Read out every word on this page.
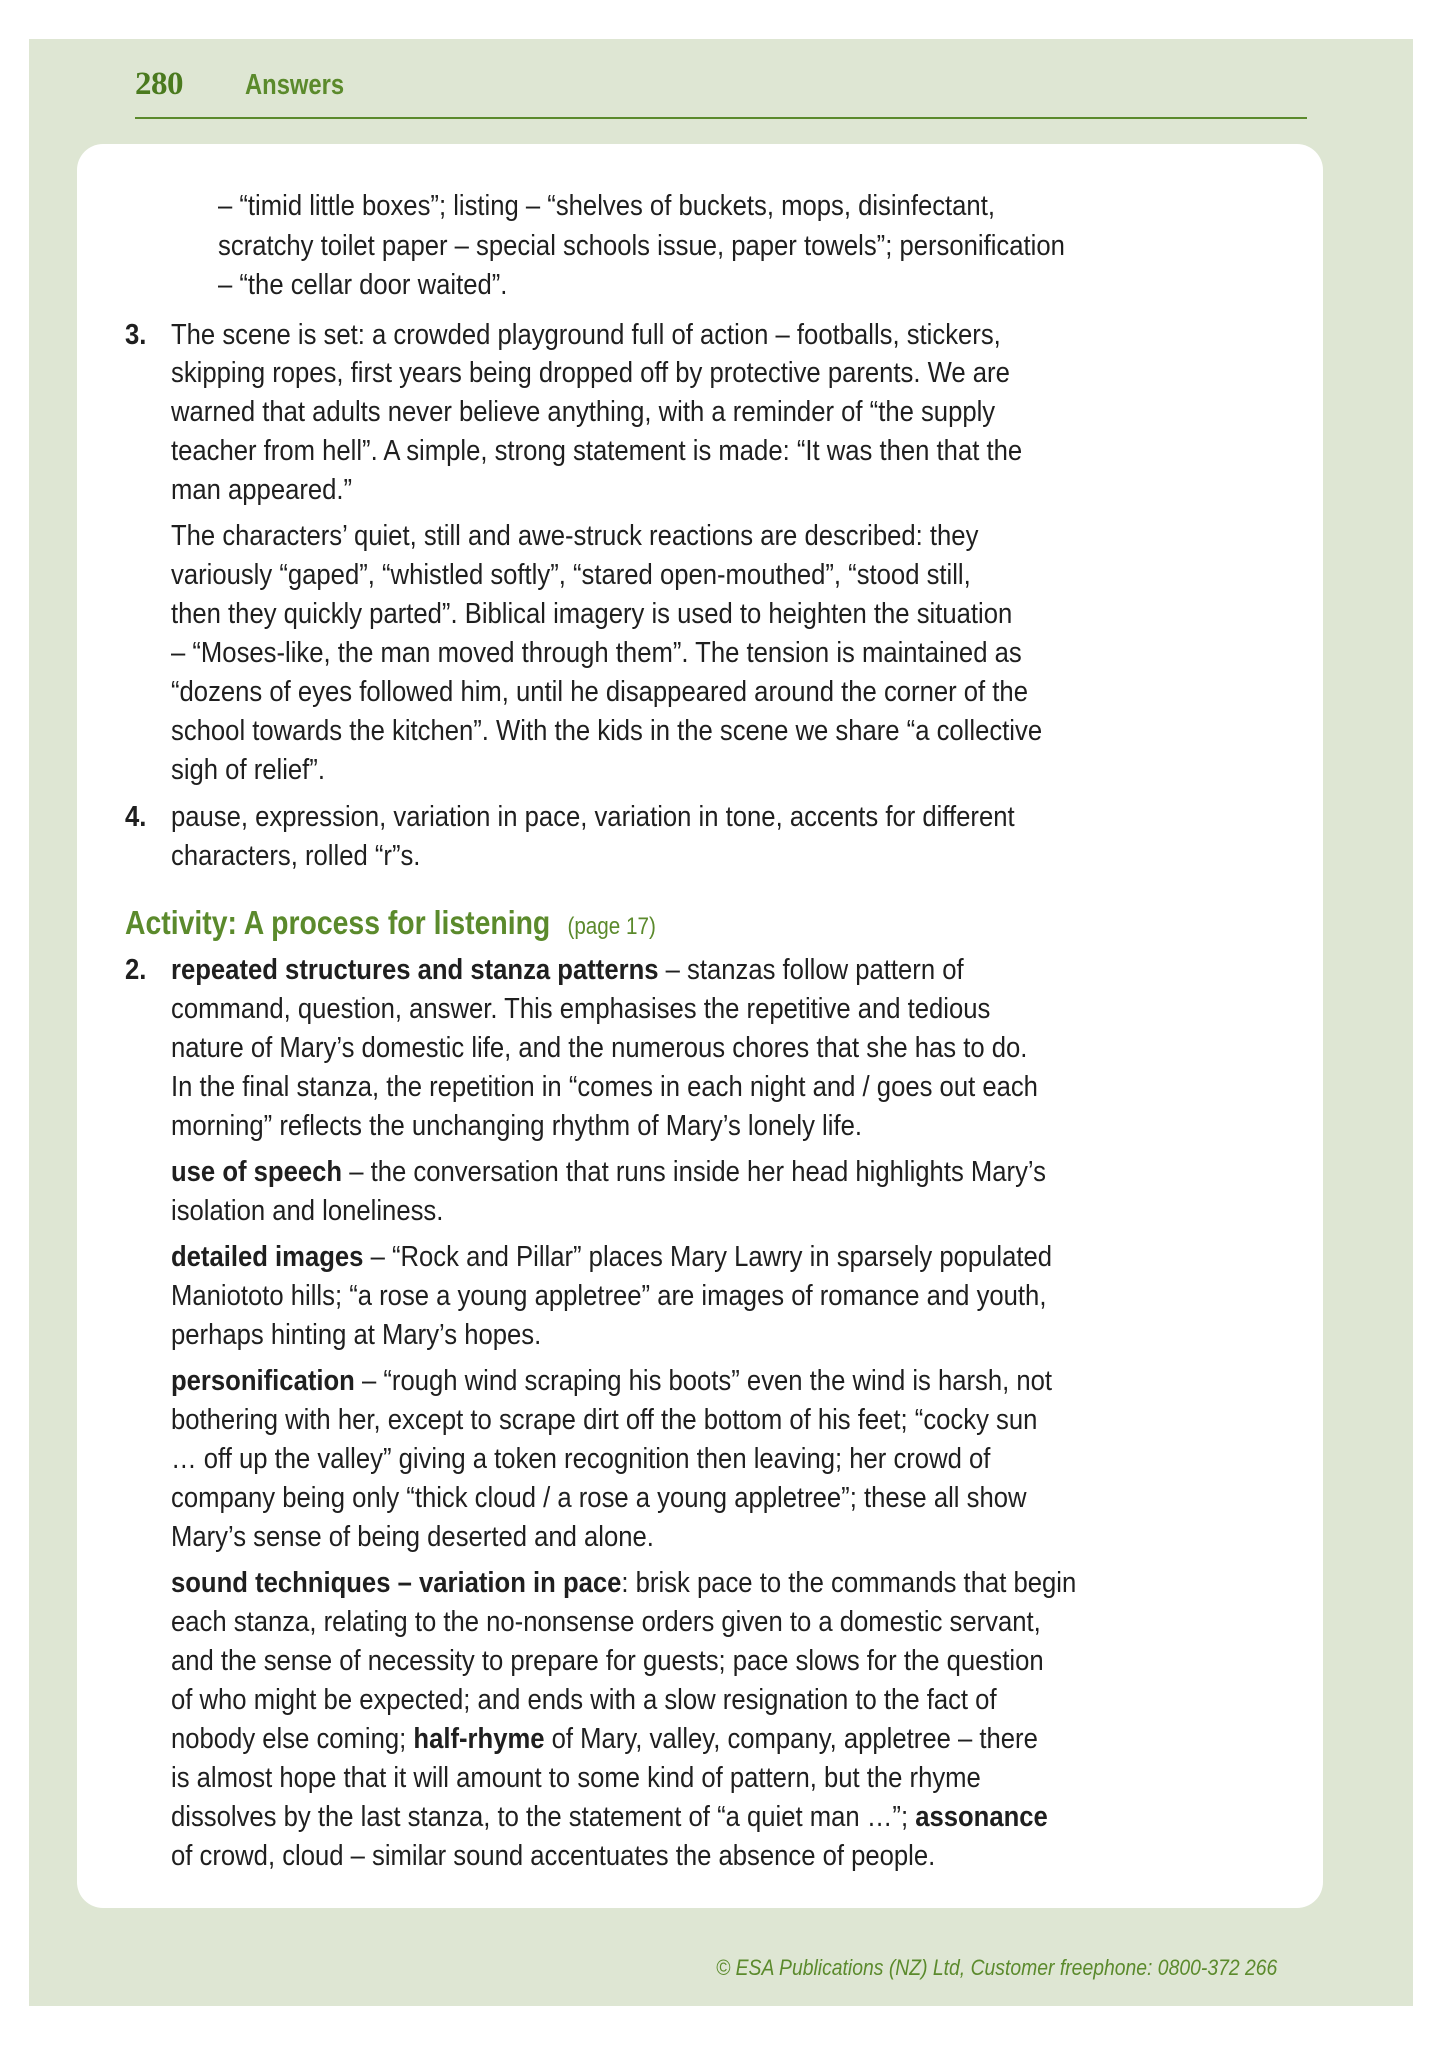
280 Answers
– “timid little boxes”; listing – “shelves of buckets, mops, disinfectant,
scratchy toilet paper – special schools issue, paper towels”; personification
– “the cellar door waited”.
3. The scene is set: a crowded playground full of action – footballs, stickers,
skipping ropes, first years being dropped off by protective parents. We are
warned that adults never believe anything, with a reminder of “the supply
teacher from hell”. A simple, strong statement is made: “It was then that the
man appeared.”
The characters’ quiet, still and awe-struck reactions are described: they
variously “gaped”, “whistled softly”, “stared open-mouthed”, “stood still,
then they quickly parted”. Biblical imagery is used to heighten the situation
– “Moses-like, the man moved through them”. The tension is maintained as
“dozens of eyes followed him, until he disappeared around the corner of the
school towards the kitchen”. With the kids in the scene we share “a collective
sigh of relief”.
4. pause, expression, variation in pace, variation in tone, accents for different
characters, rolled “r”s.
Activity: A process for listening (page 17)
2. repeated structures and stanza patterns – stanzas follow pattern of
command, question, answer. This emphasises the repetitive and tedious
nature of Mary’s domestic life, and the numerous chores that she has to do.
In the final stanza, the repetition in “comes in each night and / goes out each
morning” reflects the unchanging rhythm of Mary’s lonely life.
use of speech – the conversation that runs inside her head highlights Mary’s
isolation and loneliness.
detailed images – “Rock and Pillar” places Mary Lawry in sparsely populated
Maniototo hills; “a rose a young appletree” are images of romance and youth,
perhaps hinting at Mary’s hopes.
personification – “rough wind scraping his boots” even the wind is harsh, not
bothering with her, except to scrape dirt off the bottom of his feet; “cocky sun
… off up the valley” giving a token recognition then leaving; her crowd of
company being only “thick cloud / a rose a young appletree”; these all show
Mary’s sense of being deserted and alone.
sound techniques – variation in pace: brisk pace to the commands that begin
each stanza, relating to the no-nonsense orders given to a domestic servant,
and the sense of necessity to prepare for guests; pace slows for the question
of who might be expected; and ends with a slow resignation to the fact of
nobody else coming; half-rhyme of Mary, valley, company, appletree – there
is almost hope that it will amount to some kind of pattern, but the rhyme
dissolves by the last stanza, to the statement of “a quiet man …”; assonance
of crowd, cloud – similar sound accentuates the absence of people.
© ESA Publications (NZ) Ltd, Customer freephone: 0800-372 266
